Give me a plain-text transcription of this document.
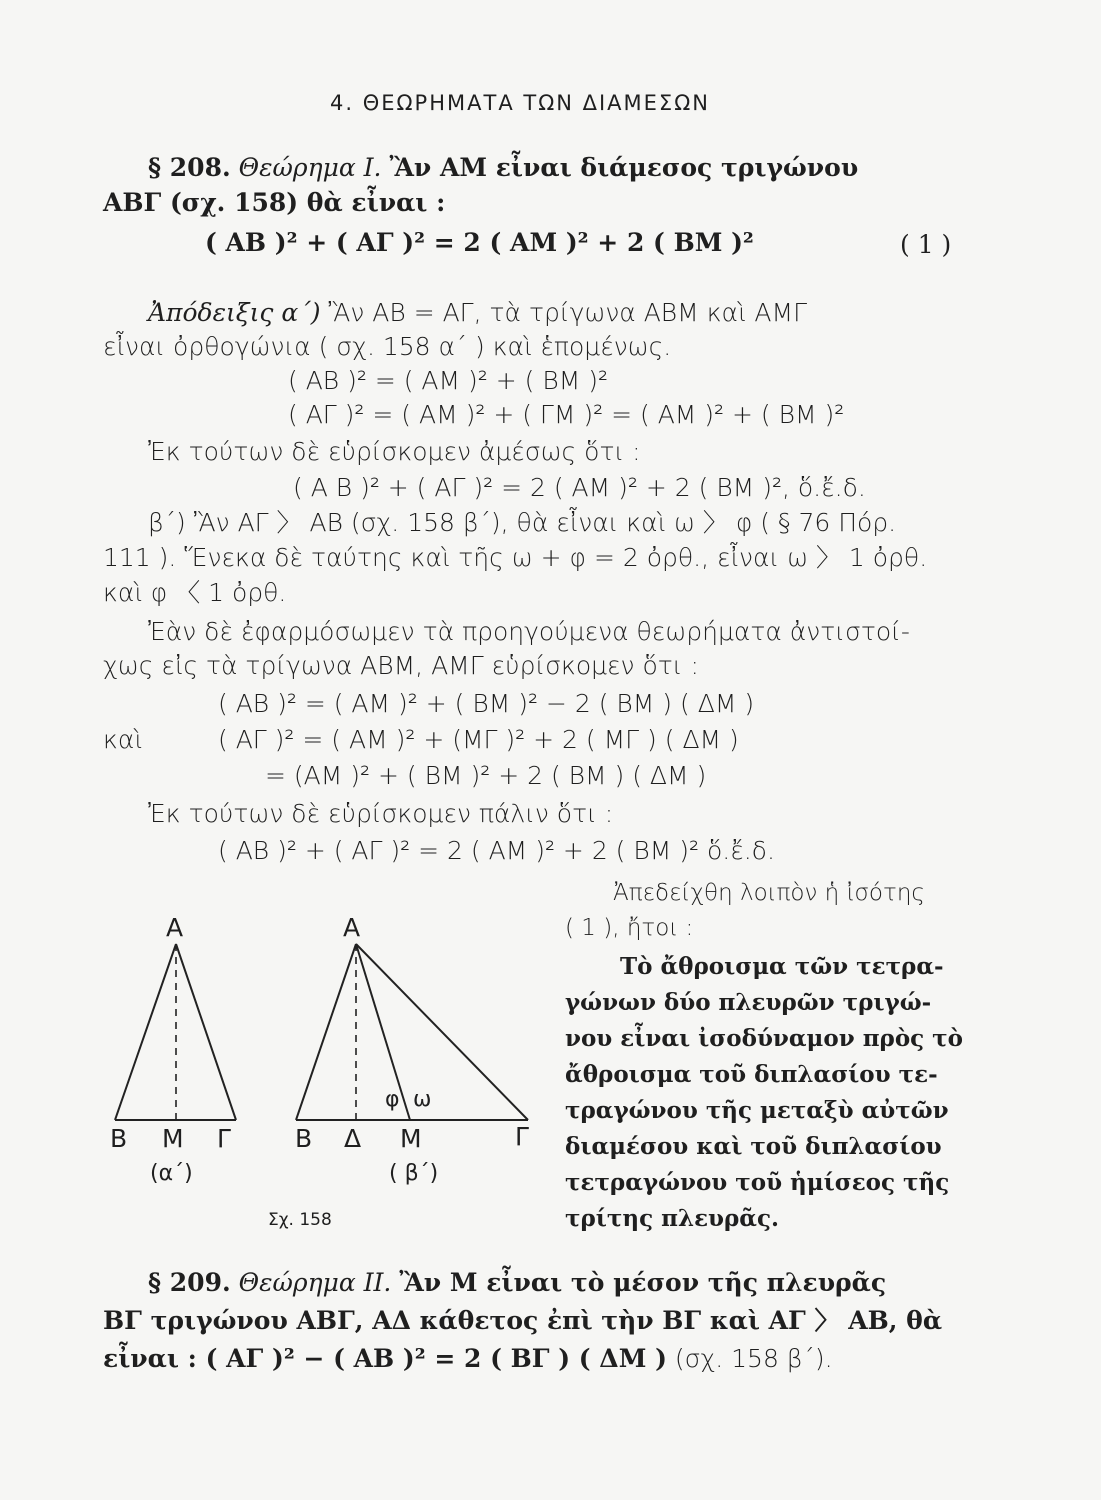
4. ΘΕΩΡΗΜΑΤΑ ΤΩΝ ΔΙΑΜΕΣΩΝ
§ 208. Θεώρημα Ι. Ἂν ΑΜ εἶναι διάμεσος τριγώνου
ΑΒΓ (σχ. 158) θὰ εἶναι :
( ΑΒ )² + ( ΑΓ )² = 2 ( ΑΜ )² + 2 ( ΒΜ )²	( 1 )
Ἀπόδειξις α΄) Ἂν ΑΒ = ΑΓ, τὰ τρίγωνα ΑΒΜ καὶ ΑΜΓ
εἶναι ὀρθογώνια ( σχ. 158 α΄ ) καὶ ἑπομένως.
( ΑΒ )² = ( ΑΜ )² + ( ΒΜ )²
( ΑΓ )² = ( ΑΜ )² + ( ΓΜ )² = ( ΑΜ )² + ( ΒΜ )²
Ἐκ τούτων δὲ εὑρίσκομεν ἀμέσως ὅτι :
( Α Β )² + ( ΑΓ )² = 2 ( ΑΜ )² + 2 ( ΒΜ )², ὅ.ἔ.δ.
β΄) Ἂν ΑΓ 〉 ΑΒ (σχ. 158 β΄), θὰ εἶναι καὶ ω 〉 φ ( § 76 Πόρ.
111 ). Ἕνεκα δὲ ταύτης καὶ τῆς ω + φ = 2 ὀρθ., εἶναι ω 〉 1 ὀρθ.
καὶ φ 〈 1 ὀρθ.
Ἐὰν δὲ ἐφαρμόσωμεν τὰ προηγούμενα θεωρήματα ἀντιστοί-
χως εἰς τὰ τρίγωνα ΑΒΜ, ΑΜΓ εὑρίσκομεν ὅτι :
( ΑΒ )² = ( ΑΜ )² + ( ΒΜ )² − 2 ( ΒΜ ) ( ΔΜ )
καὶ	( ΑΓ )² = ( ΑΜ )² + (ΜΓ )² + 2 ( ΜΓ ) ( ΔΜ )
= (ΑΜ )² + ( ΒΜ )² + 2 ( ΒΜ ) ( ΔΜ )
Ἐκ τούτων δὲ εὑρίσκομεν πάλιν ὅτι :
( ΑΒ )² + ( ΑΓ )² = 2 ( ΑΜ )² + 2 ( ΒΜ )² ὅ.ἔ.δ.
Ἀπεδείχθη λοιπὸν ἡ ἰσότης
( 1 ), ἤτοι :
Τὸ ἄθροισμα τῶν τετρα-
γώνων δύο πλευρῶν τριγώ-
νου εἶναι ἰσοδύναμον πρὸς τὸ
ἄθροισμα τοῦ διπλασίου τε-
τραγώνου τῆς μεταξὺ αὐτῶν
διαμέσου καὶ τοῦ διπλασίου
τετραγώνου τοῦ ἡμίσεος τῆς
τρίτης πλευρᾶς.
Α
Β Μ Γ
(α΄)
Α
Β Δ Μ	Γ
φ ω
( β΄)
Σχ. 158
§ 209. Θεώρημα ΙΙ. Ἂν Μ εἶναι τὸ μέσον τῆς πλευρᾶς
ΒΓ τριγώνου ΑΒΓ, ΑΔ κάθετος ἐπὶ τὴν ΒΓ καὶ ΑΓ 〉 ΑΒ, θὰ
εἶναι : ( ΑΓ )² − ( ΑΒ )² = 2 ( ΒΓ ) ( ΔΜ ) (σχ. 158 β΄).
